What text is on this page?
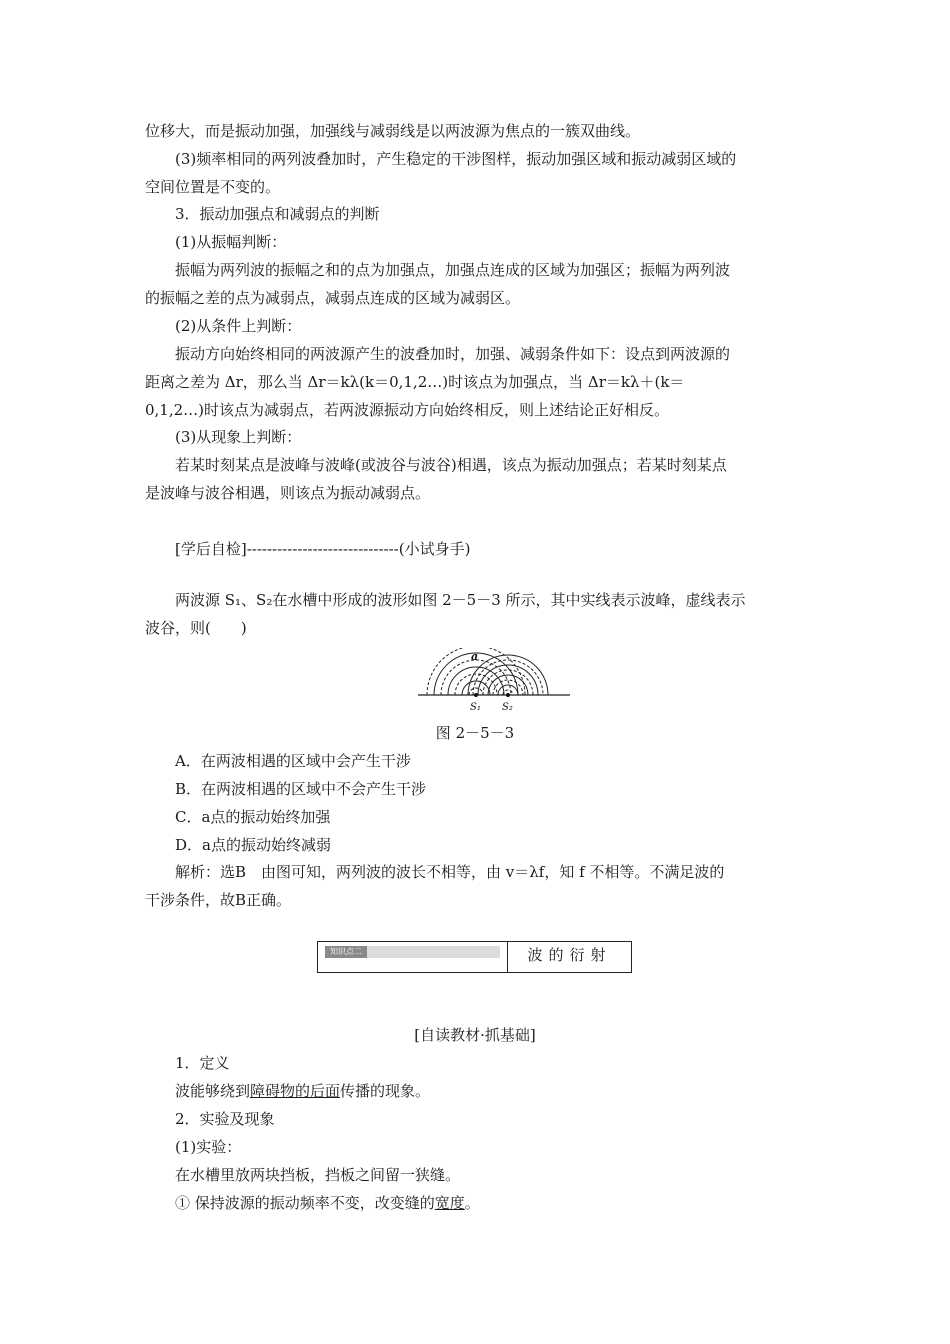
位移大，而是振动加强，加强线与减弱线是以两波源为焦点的一簇双曲线。
(3)频率相同的两列波叠加时，产生稳定的干涉图样，振动加强区域和振动减弱区域的
空间位置是不变的。
3．振动加强点和减弱点的判断
(1)从振幅判断：
振幅为两列波的振幅之和的点为加强点，加强点连成的区域为加强区；振幅为两列波
的振幅之差的点为减弱点，减弱点连成的区域为减弱区。
(2)从条件上判断：
振动方向始终相同的两波源产生的波叠加时，加强、减弱条件如下：设点到两波源的
距离之差为 Δr，那么当 Δr＝kλ(k＝0,1,2…)时该点为加强点，当 Δr＝kλ＋(k＝
0,1,2…)时该点为减弱点，若两波源振动方向始终相反，则上述结论正好相反。
(3)从现象上判断：
若某时刻某点是波峰与波峰(或波谷与波谷)相遇，该点为振动加强点；若某时刻某点
是波峰与波谷相遇，则该点为振动减弱点。
[学后自检]------------------------------(小试身手)
两波源 S₁、S₂在水槽中形成的波形如图 2－5－3 所示，其中实线表示波峰，虚线表示
波谷，则(　　)
a
S₁ S₂
图 2－5－3
A．在两波相遇的区域中会产生干涉
B．在两波相遇的区域中不会产生干涉
C．a点的振动始终加强
D．a点的振动始终减弱
解析：选B　由图可知，两列波的波长不相等，由 v＝λf，知 f 不相等。不满足波的
干涉条件，故B正确。
知识点二	波的衍射
[自读教材·抓基础]
1．定义
波能够绕到障碍物的后面传播的现象。
2．实验及现象
(1)实验：
在水槽里放两块挡板，挡板之间留一狭缝。
① 保持波源的振动频率不变，改变缝的宽度。
